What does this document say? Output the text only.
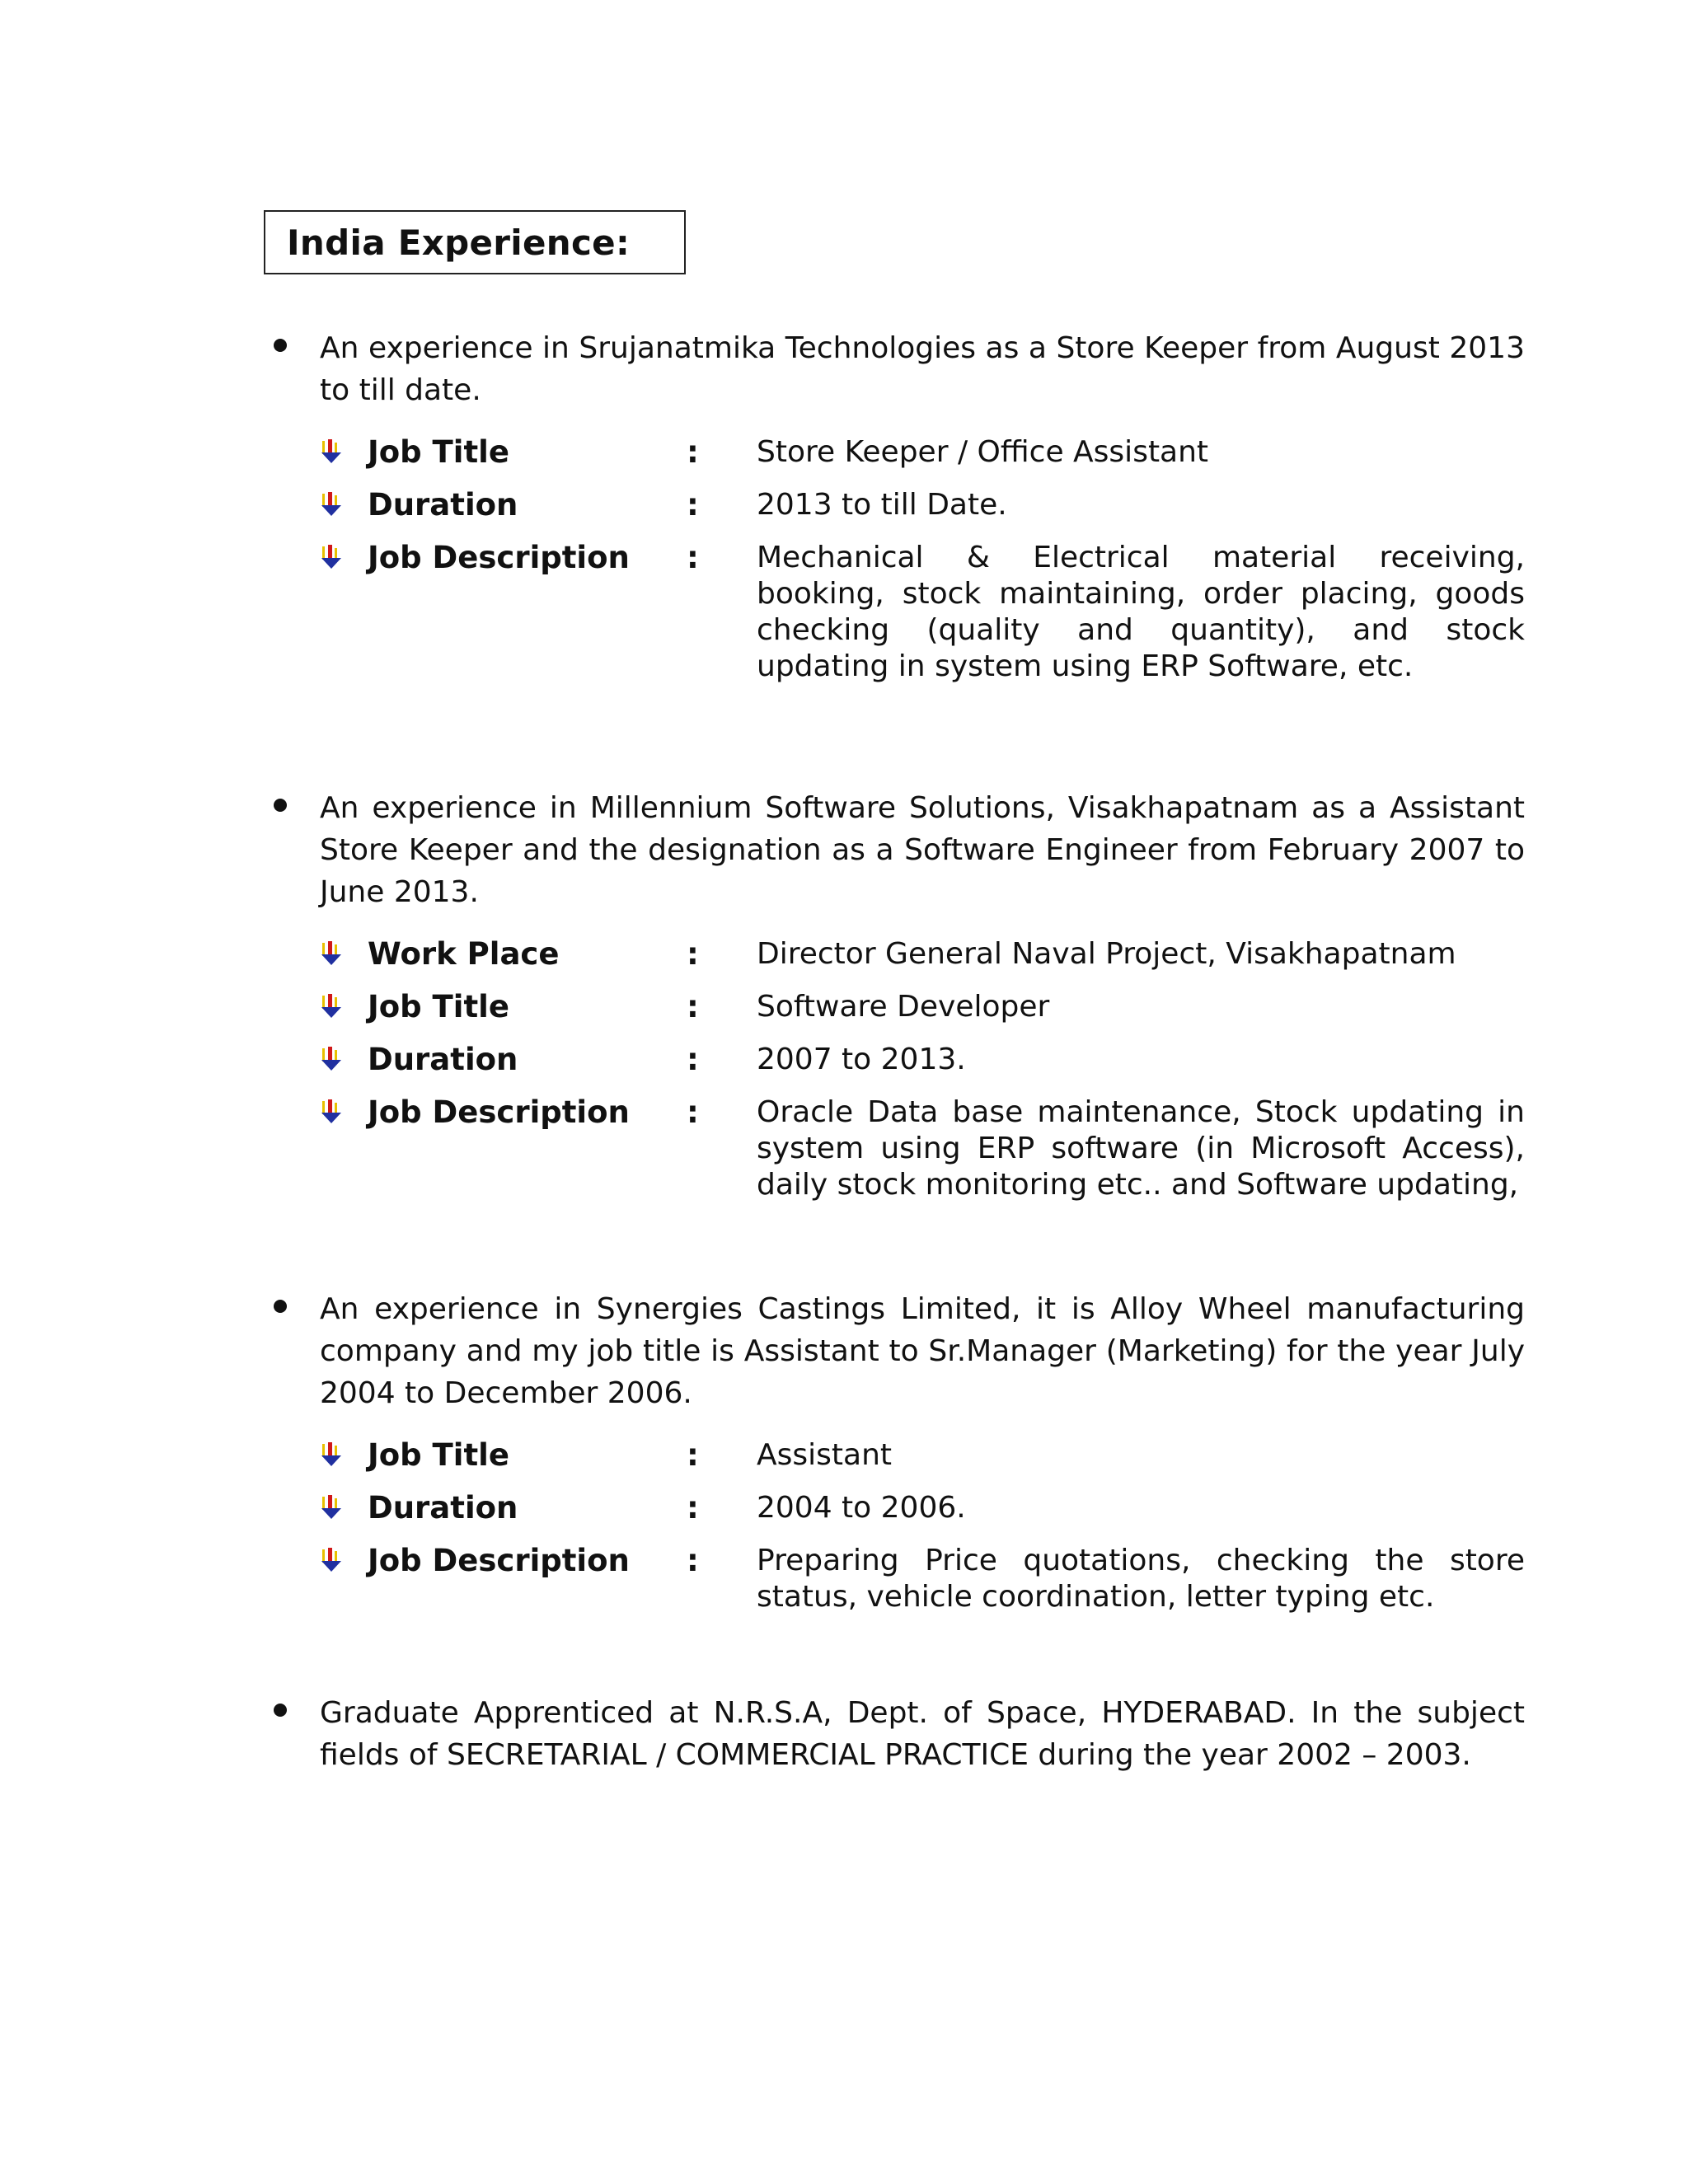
India Experience:
An experience in Srujanatmika Technologies as a Store Keeper from August 2013 to till date.
Job Title	: Store Keeper / Office Assistant
Duration	: 2013 to till Date.
Job Description : Mechanical & Electrical material receiving, booking, stock maintaining, order placing, goods checking (quality and quantity), and stock updating in system using ERP Software, etc.
An experience in Millennium Software Solutions, Visakhapatnam as a Assistant Store Keeper and the designation as a Software Engineer from February 2007 to June 2013.
Work Place	: Director General Naval Project, Visakhapatnam
Job Title	: Software Developer
Duration	: 2007 to 2013.
Job Description : Oracle Data base maintenance, Stock updating in system using ERP software (in Microsoft Access), daily stock monitoring etc.. and Software updating,
An experience in Synergies Castings Limited, it is Alloy Wheel manufacturing company and my job title is Assistant to Sr.Manager (Marketing) for the year July 2004 to December 2006.
Job Title	: Assistant
Duration	: 2004 to 2006.
Job Description : Preparing Price quotations, checking the store status, vehicle coordination, letter typing etc.
Graduate Apprenticed at N.R.S.A, Dept. of Space, HYDERABAD. In the subject fields of SECRETARIAL / COMMERCIAL PRACTICE during the year 2002 – 2003.
